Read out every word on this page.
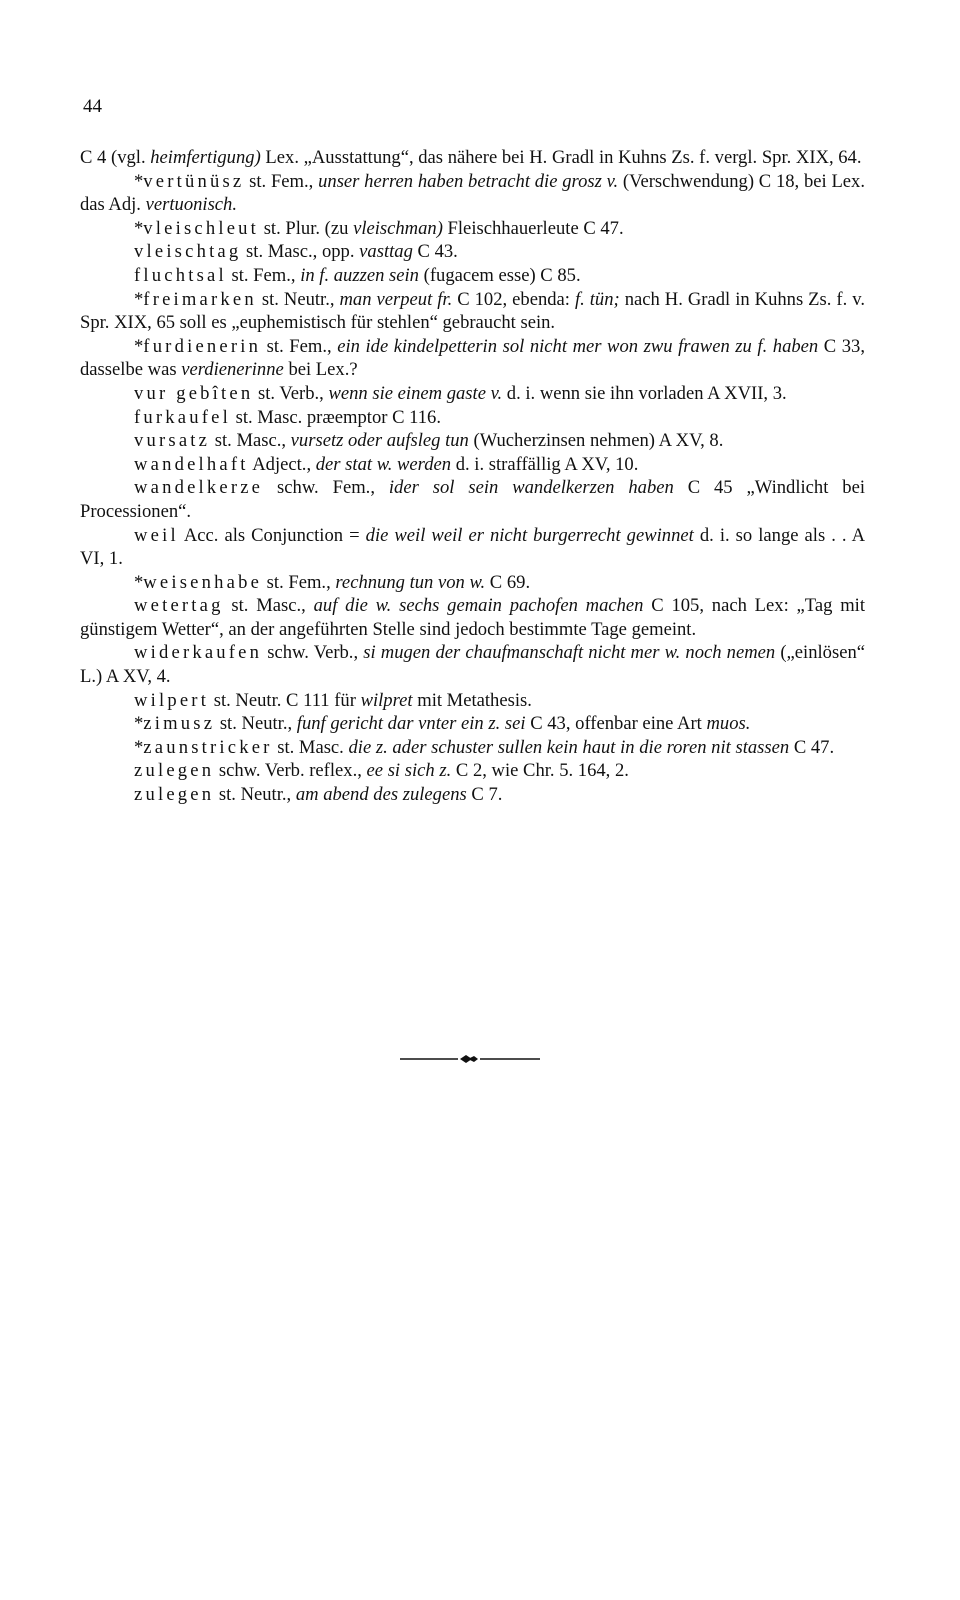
44

C 4 (vgl. heimfertigung) Lex. „Ausstattung“, das nähere bei H. Gradl in Kuhns Zs. f. vergl. Spr. XIX, 64.

*vertünüsz st. Fem., unser herren haben betracht die grosz v. (Verschwendung) C 18, bei Lex. das Adj. vertuonisch.

*vleischleut st. Plur. (zu vleischman) Fleischhauerleute C 47.

vleischtag st. Masc., opp. vasttag C 43.

fluchtsal st. Fem., in f. auzzen sein (fugacem esse) C 85.

*freimarken st. Neutr., man verpeut fr. C 102, ebenda: f. tün; nach H. Gradl in Kuhns Zs. f. v. Spr. XIX, 65 soll es „euphemistisch für stehlen“ gebraucht sein.

*furdienerin st. Fem., ein ide kindelpetterin sol nicht mer won zwu frawen zu f. haben C 33, dasselbe was verdienerinne bei Lex.?

vur gebîten st. Verb., wenn sie einem gaste v. d. i. wenn sie ihn vorladen A XVII, 3.

furkaufel st. Masc. præemptor C 116.

vursatz st. Masc., vursetz oder aufsleg tun (Wucherzinsen nehmen) A XV, 8.

wandelhaft Adject., der stat w. werden d. i. straffällig A XV, 10.

wandelkerze schw. Fem., ider sol sein wandelkerzen haben C 45 „Windlicht bei Processionen“.

weil Acc. als Conjunction = die weil weil er nicht burgerrecht gewinnet d. i. so lange als . . A VI, 1.

*weisenhabe st. Fem., rechnung tun von w. C 69.

wetertag st. Masc., auf die w. sechs gemain pachofen machen C 105, nach Lex: „Tag mit günstigem Wetter“, an der angeführten Stelle sind jedoch bestimmte Tage gemeint.

widerkaufen schw. Verb., si mugen der chaufmanschaft nicht mer w. noch nemen („einlösen“ L.) A XV, 4.

wilpert st. Neutr. C 111 für wilpret mit Metathesis.

*zimusz st. Neutr., funf gericht dar vnter ein z. sei C 43, offenbar eine Art muos.

*zaunstricker st. Masc. die z. ader schuster sullen kein haut in die roren nit stassen C 47.

zulegen schw. Verb. reflex., ee si sich z. C 2, wie Chr. 5. 164, 2.

zulegen st. Neutr., am abend des zulegens C 7.
